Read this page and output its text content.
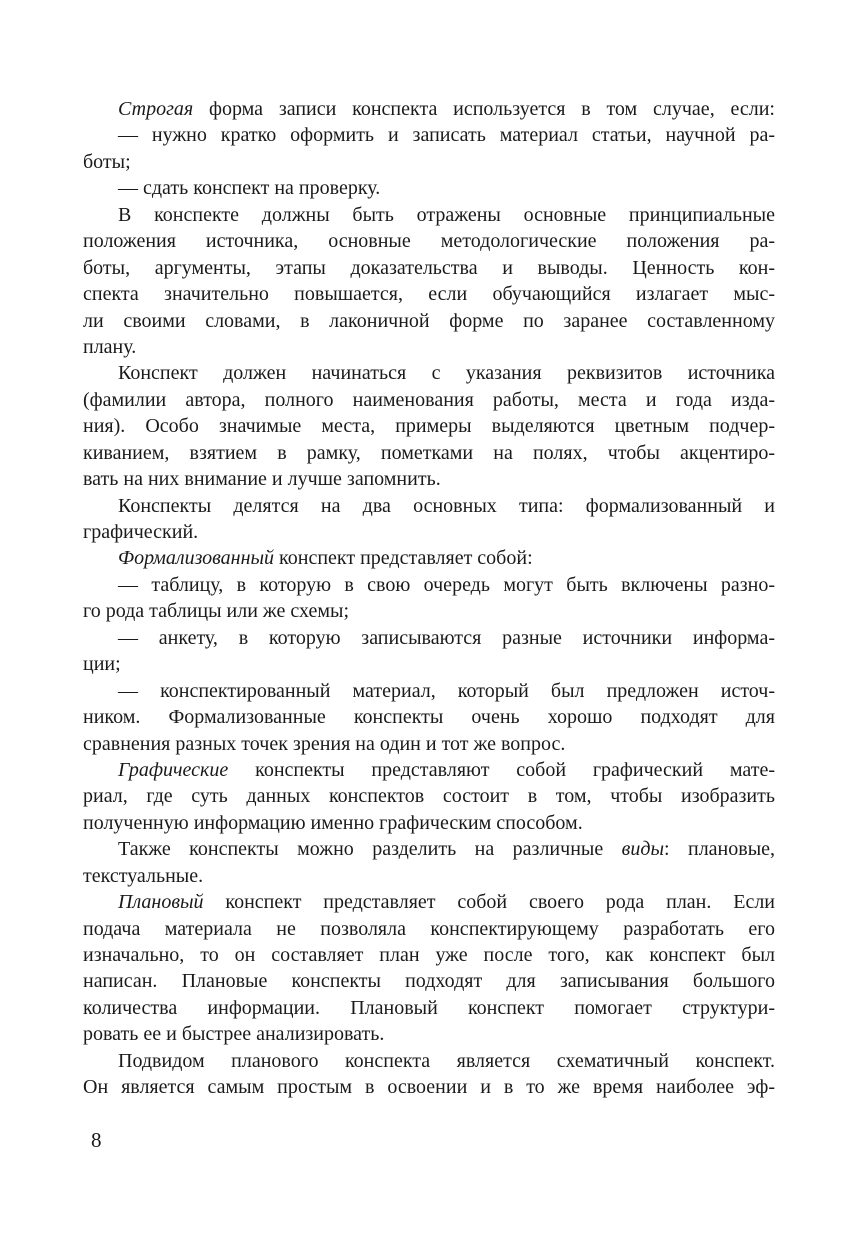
Строгая форма записи конспекта используется в том случае, если:
— нужно кратко оформить и записать материал статьи, научной ра-
боты;
— сдать конспект на проверку.
В конспекте должны быть отражены основные принципиальные
положения источника, основные методологические положения ра-
боты, аргументы, этапы доказательства и выводы. Ценность кон-
спекта значительно повышается, если обучающийся излагает мыс-
ли своими словами, в лаконичной форме по заранее составленному
плану.
Конспект должен начинаться с указания реквизитов источника
(фамилии автора, полного наименования работы, места и года изда-
ния). Особо значимые места, примеры выделяются цветным подчер-
киванием, взятием в рамку, пометками на полях, чтобы акцентиро-
вать на них внимание и лучше запомнить.
Конспекты делятся на два основных типа: формализованный и
графический.
Формализованный конспект представляет собой:
— таблицу, в которую в свою очередь могут быть включены разно-
го рода таблицы или же схемы;
— анкету, в которую записываются разные источники информа-
ции;
— конспектированный материал, который был предложен источ-
ником. Формализованные конспекты очень хорошо подходят для
сравнения разных точек зрения на один и тот же вопрос.
Графические конспекты представляют собой графический мате-
риал, где суть данных конспектов состоит в том, чтобы изобразить
полученную информацию именно графическим способом.
Также конспекты можно разделить на различные виды: плановые,
текстуальные.
Плановый конспект представляет собой своего рода план. Если
подача материала не позволяла конспектирующему разработать его
изначально, то он составляет план уже после того, как конспект был
написан. Плановые конспекты подходят для записывания большого
количества информации. Плановый конспект помогает структури-
ровать ее и быстрее анализировать.
Подвидом планового конспекта является схематичный конспект.
Он является самым простым в освоении и в то же время наиболее эф-
8
